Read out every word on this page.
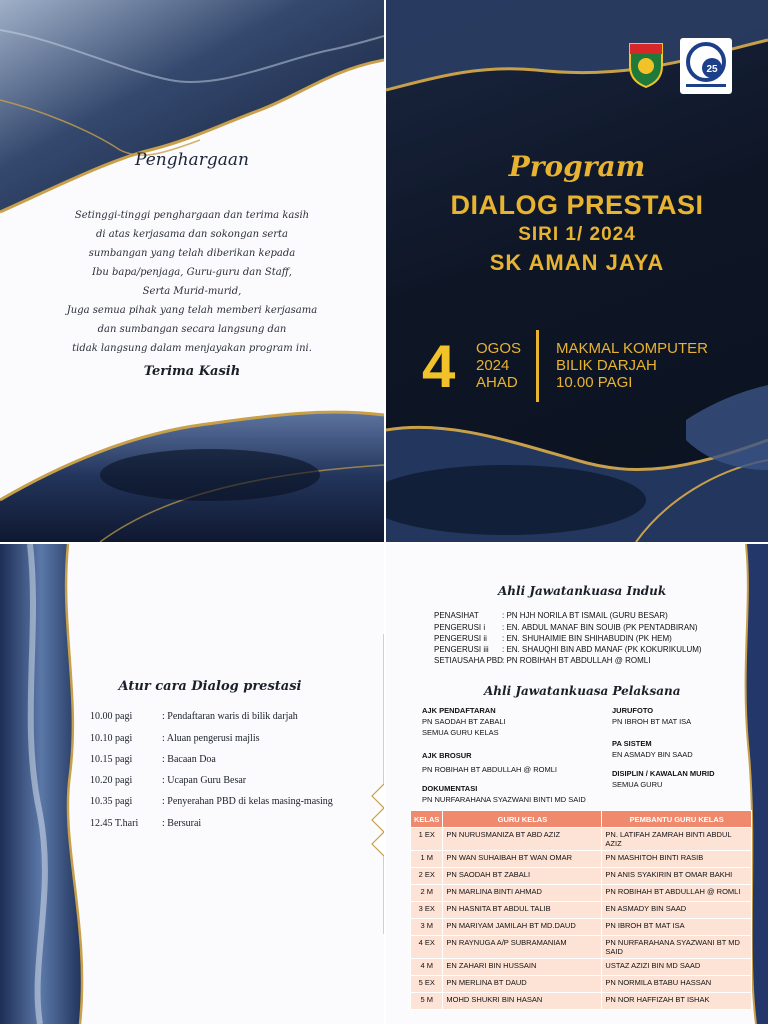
Penghargaan
Setinggi-tinggi penghargaan dan terima kasih
di atas kerjasama dan sokongan serta
sumbangan yang telah diberikan kepada
Ibu bapa/penjaga, Guru-guru dan Staff,
Serta Murid-murid,
Juga semua pihak yang telah memberi kerjasama
dan sumbangan secara langsung dan
tidak langsung dalam menjayakan program ini.
Terima Kasih
25
Program
DIALOG PRESTASI
SIRI 1/ 2024
SK AMAN JAYA
4 OGOS
2024
AHAD
MAKMAL KOMPUTER
BILIK DARJAH
10.00 PAGI
Atur cara Dialog prestasi
10.00 pagi	: Pendaftaran waris di bilik darjah
10.10 pagi	: Aluan pengerusi majlis
10.15 pagi	: Bacaan Doa
10.20 pagi	: Ucapan Guru Besar
10.35 pagi	: Penyerahan PBD di kelas masing-masing
12.45 T.hari : Bersurai
Ahli Jawatankuasa Induk
PENASIHAT	: PN HJH NORILA BT ISMAIL (GURU BESAR)
PENGERUSI i : EN. ABDUL MANAF BIN SOUIB (PK PENTADBIRAN)
PENGERUSI ii : EN. SHUHAIMIE BIN SHIHABUDIN (PK HEM)
PENGERUSI iii : EN. SHAUQHI BIN ABD MANAF (PK KOKURIKULUM)
SETIAUSAHA PBD: PN ROBIHAH BT ABDULLAH @ ROMLI
Ahli Jawatankuasa Pelaksana
AJK PENDAFTARAN
PN SAODAH BT ZABALI
SEMUA GURU KELAS
AJK BROSUR
PN ROBIHAH BT ABDULLAH @ ROMLI
DOKUMENTASI
PN NURFARAHANA SYAZWANI BINTI MD SAID
JURUFOTO
PN IBROH BT MAT ISA
PA SISTEM
EN ASMADY BIN SAAD
DISIPLIN / KAWALAN MURID
SEMUA GURU
KELAS	GURU KELAS	PEMBANTU GURU KELAS
1 EX	PN NURUSMANIZA BT ABD AZIZ	PN. LATIFAH ZAMRAH BINTI ABDUL AZIZ
1 M	PN WAN SUHAIBAH BT WAN OMAR	PN MASHITOH BINTI RASIB
2 EX	PN SAODAH BT ZABALI	PN ANIS SYAKIRIN BT OMAR BAKHI
2 M	PN MARLINA BINTI AHMAD	PN ROBIHAH BT ABDULLAH @ ROMLI
3 EX	PN HASNITA BT ABDUL TALIB	EN ASMADY BIN SAAD
3 M	PN MARIYAM JAMILAH BT MD.DAUD	PN IBROH BT MAT ISA
4 EX	PN RAYNUGA A/P SUBRAMANIAM	PN NURFARAHANA SYAZWANI BT MD SAID
4 M	EN ZAHARI BIN HUSSAIN	USTAZ AZIZI BIN MD SAAD
5 EX	PN MERLINA BT DAUD	PN NORMILA BTABU HASSAN
5 M	MOHD SHUKRI BIN HASAN	PN NOR HAFFIZAH BT ISHAK
